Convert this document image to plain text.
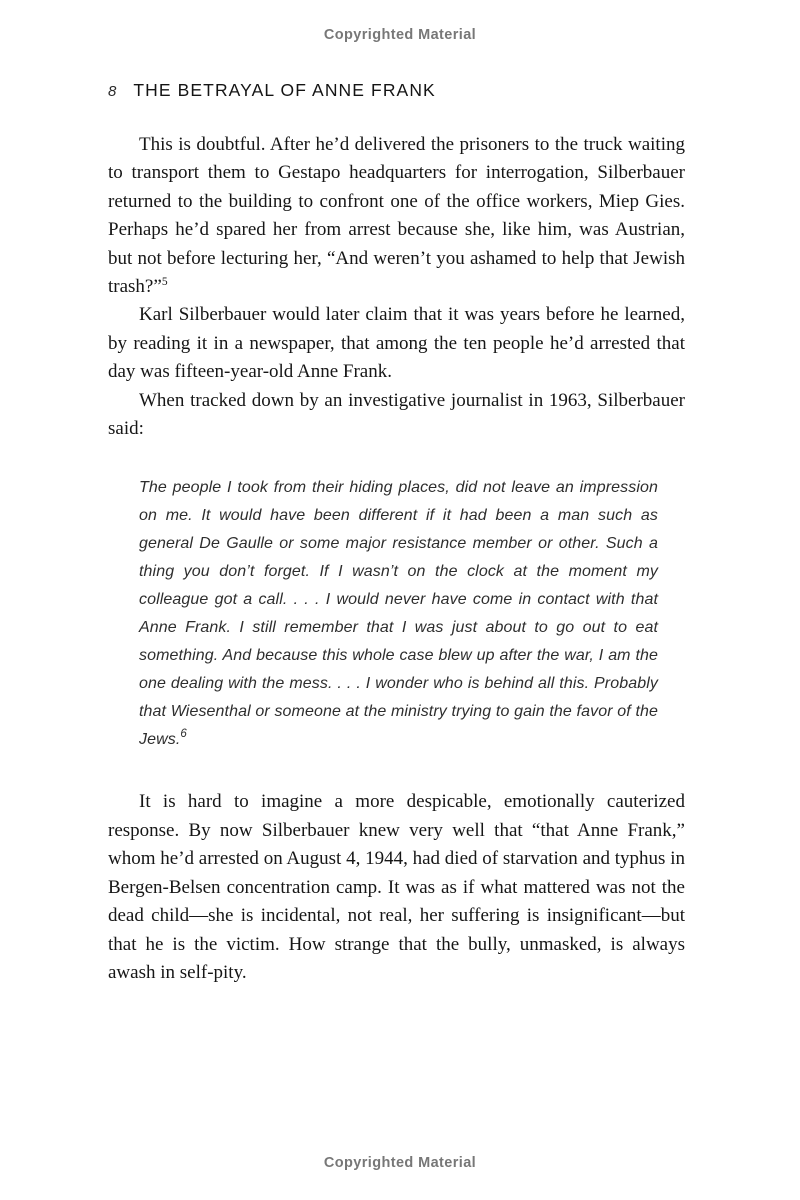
Copyrighted Material
8 THE BETRAYAL OF ANNE FRANK

This is doubtful. After he’d delivered the prisoners to the truck waiting to transport them to Gestapo headquarters for interrogation, Silberbauer returned to the building to confront one of the office workers, Miep Gies. Perhaps he’d spared her from arrest because she, like him, was Austrian, but not before lecturing her, “And weren’t you ashamed to help that Jewish trash?”$^5$

Karl Silberbauer would later claim that it was years before he learned, by reading it in a newspaper, that among the ten people he’d arrested that day was fifteen-year-old Anne Frank.

When tracked down by an investigative journalist in 1963, Silberbauer said:

The people I took from their hiding places, did not leave an impression on me. It would have been different if it had been a man such as general De Gaulle or some major resistance member or other. Such a thing you don’t forget. If I wasn’t on the clock at the moment my colleague got a call. . . . I would never have come in contact with that Anne Frank. I still remember that I was just about to go out to eat something. And because this whole case blew up after the war, I am the one dealing with the mess. . . . I wonder who is behind all this. Probably that Wiesenthal or someone at the ministry trying to gain the favor of the Jews.$^6$

It is hard to imagine a more despicable, emotionally cauterized response. By now Silberbauer knew very well that “that Anne Frank,” whom he’d arrested on August 4, 1944, had died of starvation and typhus in Bergen-Belsen concentration camp. It was as if what mattered was not the dead child—she is incidental, not real, her suffering is insignificant—but that he is the victim. How strange that the bully, unmasked, is always awash in self-pity.

Copyrighted Material
